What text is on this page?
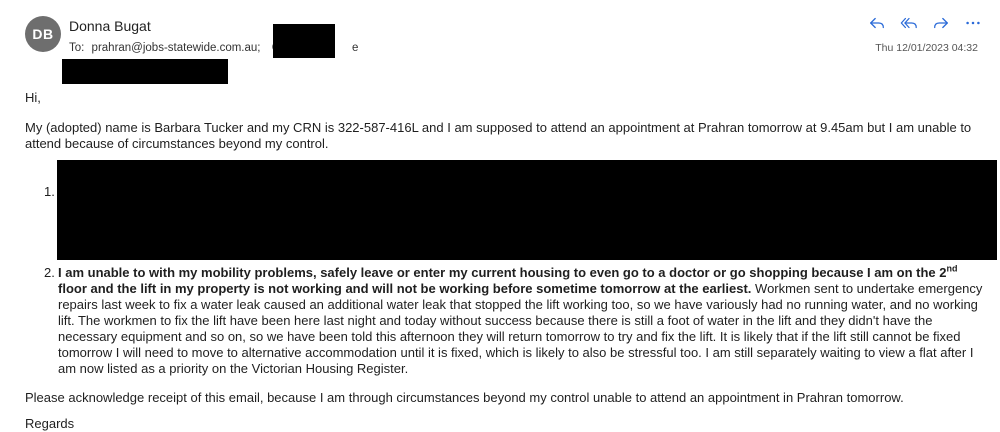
DB	Donna Bugat
To: prahran@jobs-statewide.com.au;	e	Thu 12/01/2023 04:32

Hi,

My (adopted) name is Barbara Tucker and my CRN is 322-587-416L and I am supposed to attend an appointment at Prahran tomorrow at 9.45am but I am unable to attend because of circumstances beyond my control.

1.
2. I am unable to with my mobility problems, safely leave or enter my current housing to even go to a doctor or go shopping because I am on the 2nd floor and the lift in my property is not working and will not be working before sometime tomorrow at the earliest. Workmen sent to undertake emergency repairs last week to fix a water leak caused an additional water leak that stopped the lift working too, so we have variously had no running water, and no working lift. The workmen to fix the lift have been here last night and today without success because there is still a foot of water in the lift and they didn't have the necessary equipment and so on, so we have been told this afternoon they will return tomorrow to try and fix the lift. It is likely that if the lift still cannot be fixed tomorrow I will need to move to alternative accommodation until it is fixed, which is likely to also be stressful too. I am still separately waiting to view a flat after I am now listed as a priority on the Victorian Housing Register.

Please acknowledge receipt of this email, because I am through circumstances beyond my control unable to attend an appointment in Prahran tomorrow.

Regards
